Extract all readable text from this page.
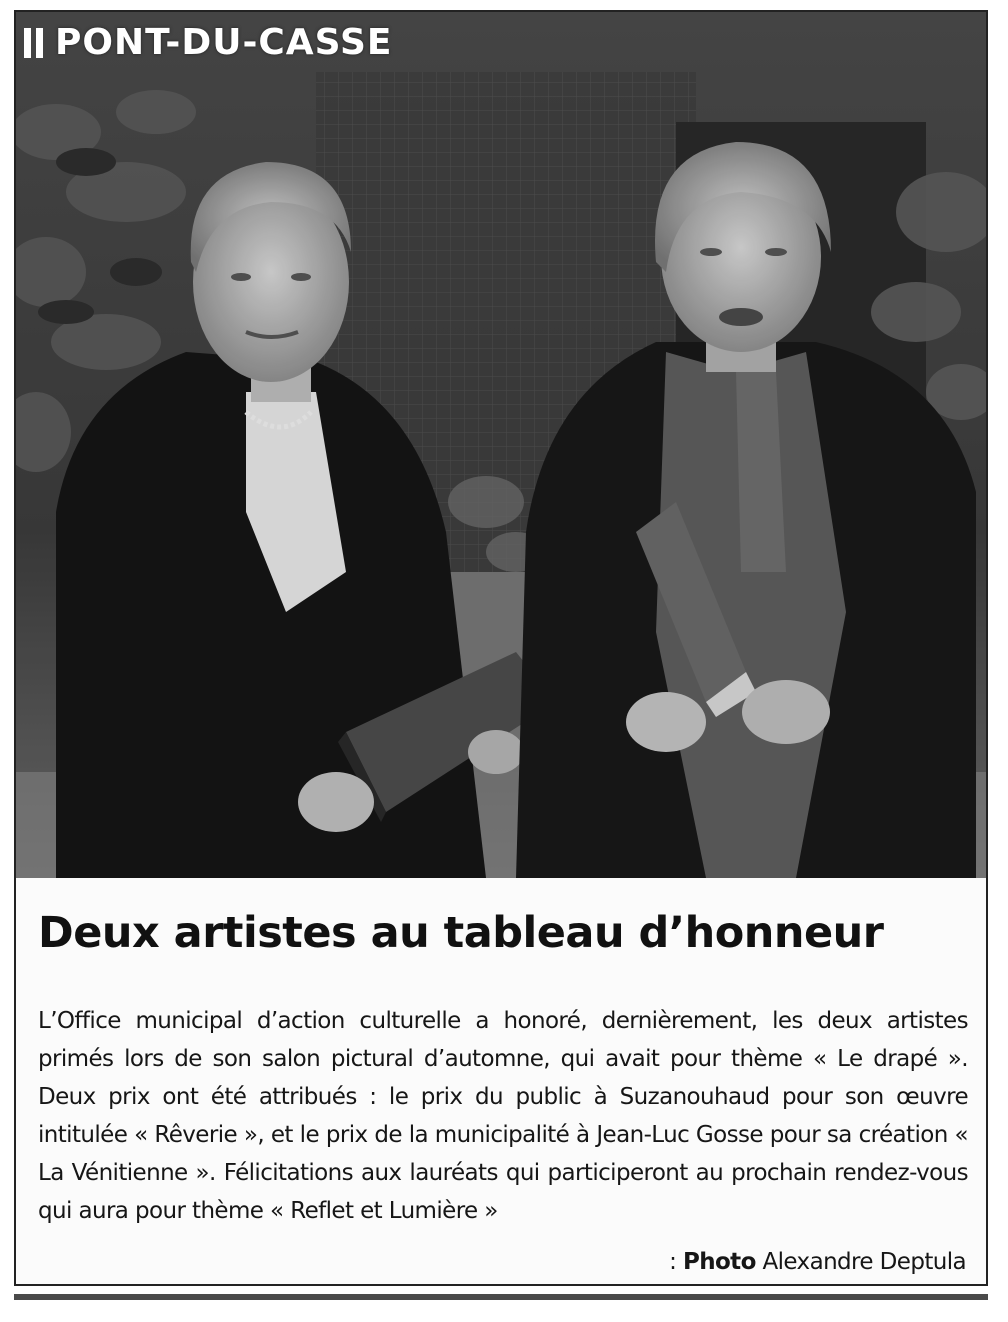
PONT-DU-CASSE
Deux artistes au tableau d’honneur

L’Office municipal d’action culturelle a honoré, dernièrement, les deux artistes primés lors de son salon pictural d’automne, qui avait pour thème « Le drapé ». Deux prix ont été attribués : le prix du public à Suzanouhaud pour son œuvre intitulée « Rêverie », et le prix de la municipalité à Jean-Luc Gosse pour sa création « La Vénitienne ». Félicitations aux lauréats qui participeront au prochain rendez-vous qui aura pour thème « Reflet et Lumière »

: Photo Alexandre Deptula
